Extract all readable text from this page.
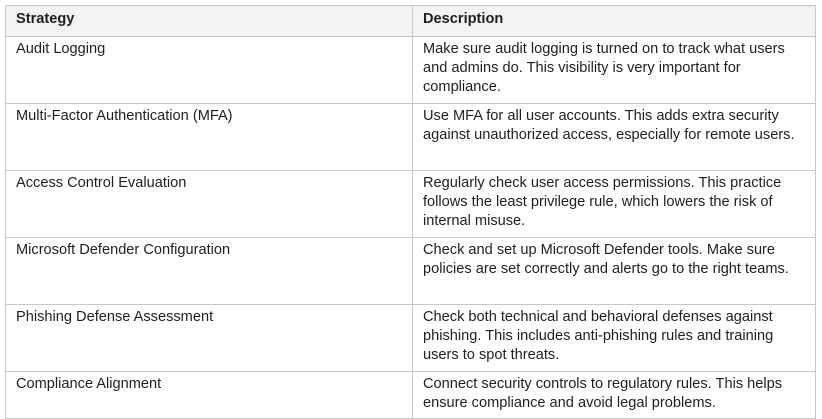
Strategy	Description
Audit Logging	Make sure audit logging is turned on to track what users and admins do. This visibility is very important for compliance.
Multi-Factor Authentication (MFA)	Use MFA for all user accounts. This adds extra security against unauthorized access, especially for remote users.
Access Control Evaluation	Regularly check user access permissions. This practice follows the least privilege rule, which lowers the risk of internal misuse.
Microsoft Defender Configuration	Check and set up Microsoft Defender tools. Make sure policies are set correctly and alerts go to the right teams.
Phishing Defense Assessment	Check both technical and behavioral defenses against phishing. This includes anti-phishing rules and training users to spot threats.
Compliance Alignment	Connect security controls to regulatory rules. This helps ensure compliance and avoid legal problems.
